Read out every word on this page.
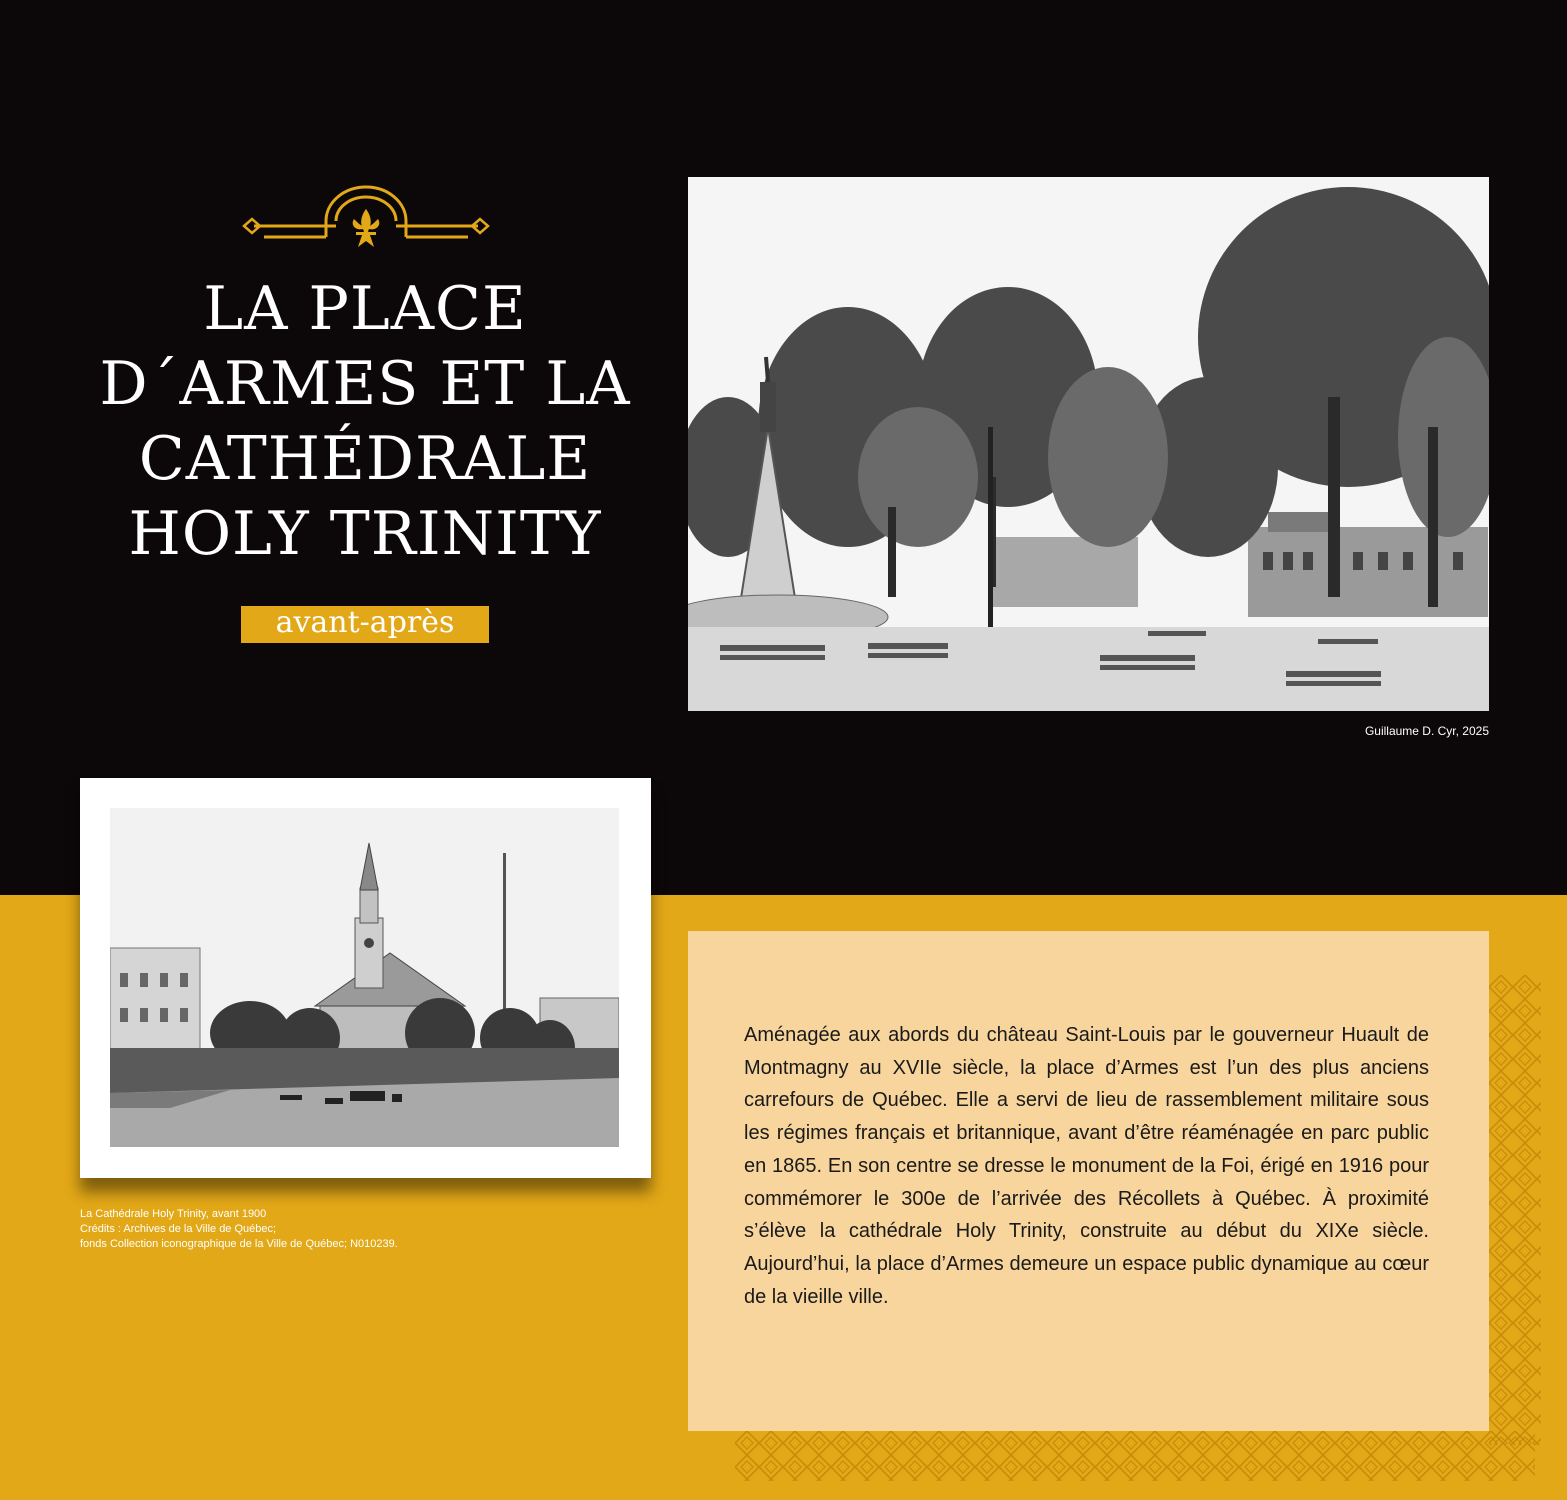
LA PLACE
D´ARMES ET LA
CATHÉDRALE
HOLY TRINITY
avant-après
Guillaume D. Cyr, 2025
La Cathédrale Holy Trinity, avant 1900
Crédits : Archives de la Ville de Québec;
fonds Collection iconographique de la Ville de Québec; N010239.
Aménagée aux abords du château Saint-Louis par le gouverneur Huault de Montmagny au XVIIe siècle, la place d’Armes est l’un des plus anciens carrefours de Québec. Elle a servi de lieu de rassemblement militaire sous les régimes français et britannique, avant d’être réaménagée en parc public en 1865. En son centre se dresse le monument de la Foi, érigé en 1916 pour commémorer le 300e de l’arrivée des Récollets à Québec. À proximité s’élève la cathédrale Holy Trinity, construite au début du XIXe siècle. Aujourd’hui, la place d’Armes demeure un espace public dynamique au cœur de la vieille ville.
